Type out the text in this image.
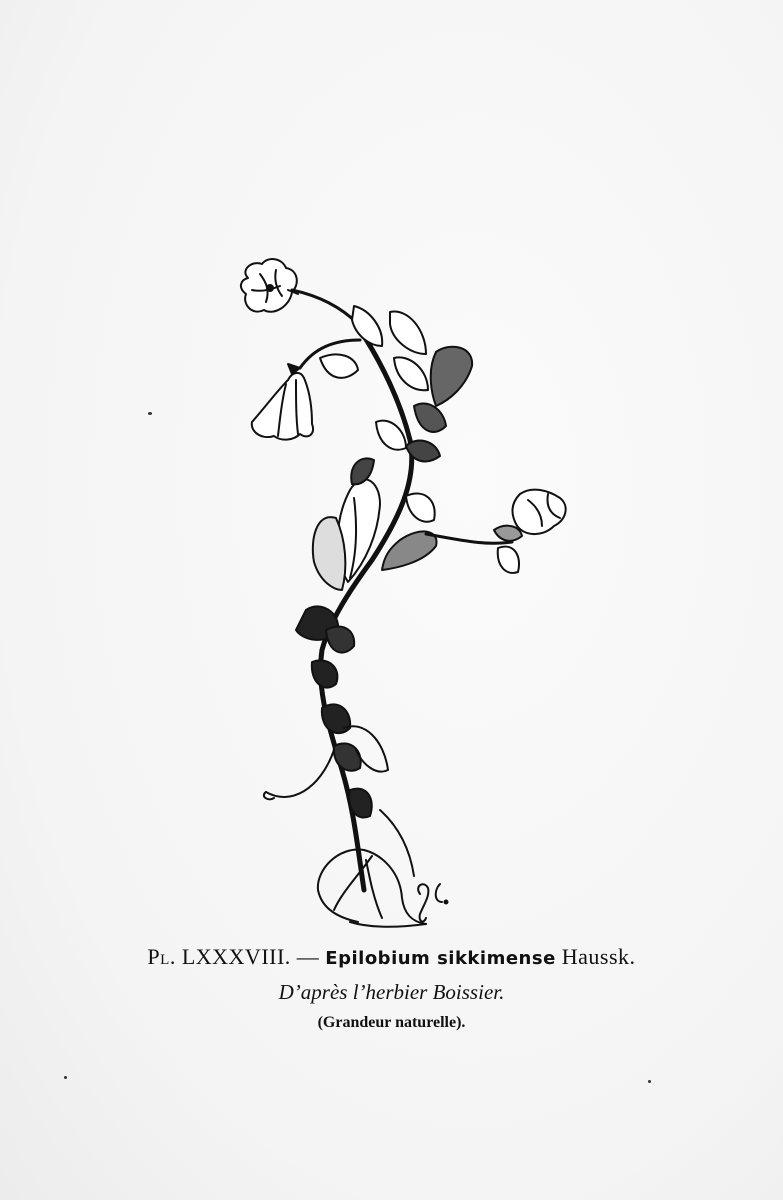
Pl. LXXXVIII. — Epilobium sikkimense Haussk.
D’après l’herbier Boissier.
(Grandeur naturelle).
